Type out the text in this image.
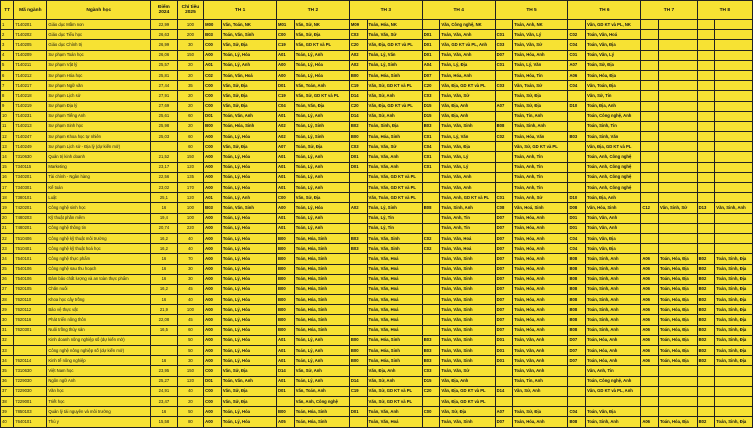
TT	Mã ngành	Ngành học	Điểm 2024	Chỉ tiêu 2025	TH 1		TH 2		TH 3		TH 4		TH 5		TH 6		TH 7		TH 8	
1	7140201	Giáo dục Mầm non	22,99	100	M00	Văn, Toán, NK	M01	Văn, Sử, NK	M09	Toán, Hóa, NK		Văn, Công nghệ, NK		Toán, Anh, NK		Văn, GD KT và PL, NK				
2	7140202	Giáo dục Tiểu học	26,63	200	B03	Toán, Văn, Sinh	C00	Văn, Sử, Địa	C03	Toán, Văn, Sử	D01	Toán, Văn, Anh	C01	Toán, Văn, Lý	C02	Toán, Văn, Hoá				
3	7140205	Giáo dục Chính trị	26,99	30	C00	Văn, Sử, Địa	C19	Văn, GD KT và PL	C20	Văn, Địa, GD KT và PL	D01	Văn, GD KT và PL, Anh	C03	Toán, Văn, Sử	C04	Toán, Văn, Địa				
4	7140209	Sư phạm Toán học	26,06	150	A00	Toán, Lý, Hóa	A01	Toán, Lý, Anh	A02	Toán, Lý, Văn	D01	Toán, Văn, Anh	D07	Toán, Hóa, Anh	C01	Toán, Văn, Lý				
5	7140211	Sư phạm Vật lý	25,57	20	A01	Toán, Lý, Anh	A00	Toán, Lý, Hóa	A02	Toán, Lý, Sinh	A04	Toán, Lý, Địa	C01	Toán, Lý, Văn	A07	Toán, Sử, Địa				
6	7140212	Sư phạm Hóa học	25,81	20	C02	Toán, Văn, Hoá	A00	Toán, Lý, Hóa	B00	Toán, Hóa, Sinh	D07	Toán, Hóa, Anh		Toán, Hóa, Tin	A06	Toán, Hóa, Địa				
7	7140217	Sư phạm Ngữ văn	27,44	35	C00	Văn, Sử, Địa	D01	Văn, Toán, Anh	C19	Văn, Sử, GD KT và PL	C20	Văn, Địa, GD KT và PL	C03	Văn, Toán, Sử	C04	Văn, Toán, Địa				
8	7140218	Sư phạm Lịch sử	27,91	20	C00	Văn, Sử, Địa	C19	Văn, Sử, GD KT và PL	D14	Văn, Sử, Anh	C03	Toán, Văn, Sử		Toán, Sử, Địa		Văn, Sử, Tin				
9	7140219	Sư phạm Địa lý	27,69	20	C00	Văn, Sử, Địa	C04	Toán, Văn, Địa	C20	Văn, Địa, GD KT và PL	D15	Văn, Địa, Anh	A07	Toán, Sử, Địa	D10	Toán, Địa, Anh				
10	7140231	Sư phạm Tiếng Anh	25,61	60	D01	Toán, Văn, Anh	A01	Toán, Lý, Anh	D14	Văn, Sử, Anh	D15	Văn, Địa, Anh		Toán, Tin, Anh		Toán, Công nghệ, Anh				
11	7140213	Sư phạm Sinh học	25,98	20	B00	Toán, Hóa, Sinh	A02	Toán, Lý, Sinh	B02	Toán, Sinh, Địa	B03	Toán, Văn, Sinh	B08	Toán, Sinh, Anh		Toán, Sinh, Tin				
12	7140247	Sư phạm Khoa học tự nhiên	25,03	60	A00	Toán, Lý, Hóa	A02	Toán, Lý, Sinh	B00	Toán, Hóa, Sinh	C01	Toán, Lý, Văn	C02	Toán, Hóa, Văn	B03	Toán, Sinh, Văn				
13	7140249	Sư phạm Lịch sử - Địa lý (dự kiến mở)		60	C00	Văn, Sử, Địa	A07	Toán, Sử, Địa	C03	Toán, Văn, Sử	C04	Toán, Văn, Địa		Văn, Sử, GD KT và PL		Văn, Địa, GD KT và PL				
14	7310630	Quản trị kinh doanh	21,52	150	A00	Toán, Lý, Hóa	A01	Toán, Lý, Anh	D01	Toán, Văn, Anh	C01	Toán, Văn, Lý		Toán, Anh, Tin		Toán, Anh, Công nghệ				
15	7340115	Marketing	23,17	120	A00	Toán, Lý, Hóa	A01	Toán, Lý, Anh	D01	Toán, Văn, Anh	C01	Toán, Văn, Lý		Toán, Anh, Tin		Toán, Anh, Công nghệ				
16	7340201	Tài chính - Ngân hàng	22,56	135	A00	Toán, Lý, Hóa	A01	Toán, Lý, Anh		Toán, Văn, GD KT và PL		Toán, Văn, Anh		Toán, Anh, Tin		Toán, Anh, Công nghệ				
17	7340301	Kế toán	23,02	170	A00	Toán, Lý, Hóa	A01	Toán, Lý, Anh		Toán, Văn, GD KT và PL		Toán, Văn, Anh		Toán, Anh, Tin		Toán, Anh, Công nghệ				
18	7380101	Luật	25,1	120	A01	Toán, Lý, Anh	C00	Văn, Sử, Địa		Văn, Toán, GD KT và PL		Toán, Anh, GD KT và PL	C01	Toán, Anh, Sử	D10	Toán, Địa, Anh				
19	7420201	Công nghệ sinh học	16	100	B03	Toán, Văn, Sinh	A00	Toán, Lý, Hóa	A02	Toán, Lý, Sinh	B08	Toán, Sinh, Anh	C08	Văn, Hoá, Sinh	D08	Văn, Hóa, Sinh	C12	Văn, Sinh, Sử	D13	Văn, Sinh, Anh
20	7480203	Kỹ thuật phần mềm	19,4	100	A00	Toán, Lý, Hóa	A01	Toán, Lý, Anh		Toán, Lý, Tin		Toán, Anh, Tin	D07	Toán, Hóa, Anh	D01	Toán, Văn, Anh				
21	7480201	Công nghệ thông tin	20,74	220	A00	Toán, Lý, Hóa	A01	Toán, Lý, Anh		Toán, Lý, Tin		Toán, Anh, Tin	D07	Toán, Hóa, Anh	D01	Toán, Văn, Anh				
22	7510406	Công nghệ kỹ thuật môi trường	16,2	40	A00	Toán, Lý, Hóa	B00	Toán, Hóa, Sinh	B03	Toán, Văn, Sinh	C02	Toán, Văn, Hoá	D07	Toán, Hóa, Anh	C04	Toán, Văn, Địa				
23	7510401	Công nghệ kỹ thuật hoá học	16,2	40	A00	Toán, Lý, Hóa	B00	Toán, Hóa, Sinh	B03	Toán, Văn, Sinh	C02	Toán, Văn, Hoá	D07	Toán, Hóa, Anh	C04	Toán, Văn, Địa				
24	7540101	Công nghệ thực phẩm	16	70	A00	Toán, Lý, Hóa	B00	Toán, Hóa, Sinh		Toán, Văn, Hoá		Toán, Văn, Sinh	D07	Toán, Hóa, Anh	B08	Toán, Sinh, Anh	A06	Toán, Hóa, Địa	B02	Toán, Sinh, Địa
25	7540106	Công nghệ sau thu hoạch	16	30	A00	Toán, Lý, Hóa	B00	Toán, Hóa, Sinh		Toán, Văn, Hoá		Toán, Văn, Sinh	D07	Toán, Hóa, Anh	B08	Toán, Sinh, Anh	A06	Toán, Hóa, Địa	B02	Toán, Sinh, Địa
26	7540106	Đảm bảo chất lượng và an toàn thực phẩm	16	30	A00	Toán, Lý, Hóa	B00	Toán, Hóa, Sinh		Toán, Văn, Hoá		Toán, Văn, Sinh	D07	Toán, Hóa, Anh	B08	Toán, Sinh, Anh	A06	Toán, Hóa, Địa	B02	Toán, Sinh, Địa
27	7620105	Chăn nuôi	16,2	45	A00	Toán, Lý, Hóa	B00	Toán, Hóa, Sinh		Toán, Văn, Hoá		Toán, Văn, Sinh	D07	Toán, Hóa, Anh	B08	Toán, Sinh, Anh	A06	Toán, Hóa, Địa	B02	Toán, Sinh, Địa
28	7620110	Khoa học cây trồng	16	40	A00	Toán, Lý, Hóa	B00	Toán, Hóa, Sinh		Toán, Văn, Hoá		Toán, Văn, Sinh	D07	Toán, Hóa, Anh	B08	Toán, Sinh, Anh	A06	Toán, Hóa, Địa	B02	Toán, Sinh, Địa
29	7620112	Bảo vệ thực vật	21,9	100	A00	Toán, Lý, Hóa	B00	Toán, Hóa, Sinh		Toán, Văn, Hoá		Toán, Văn, Sinh	D07	Toán, Hóa, Anh	B08	Toán, Sinh, Anh	A06	Toán, Hóa, Địa	B02	Toán, Sinh, Địa
30	7620116	Phát triển nông thôn	22,08	45	A00	Toán, Lý, Hóa	B00	Toán, Hóa, Sinh		Toán, Văn, Hoá		Toán, Văn, Sinh	D07	Toán, Hóa, Anh	B08	Toán, Sinh, Anh	A06	Toán, Hóa, Địa	B02	Toán, Sinh, Địa
31	7620301	Nuôi trồng thủy sản	16,5	60	A00	Toán, Lý, Hóa	B00	Toán, Hóa, Sinh		Toán, Văn, Hoá		Toán, Văn, Sinh	D07	Toán, Hóa, Anh	B08	Toán, Sinh, Anh	A06	Toán, Hóa, Địa	B02	Toán, Sinh, Địa
32		Kinh doanh nông nghiệp số (dự kiến mở)		50	A00	Toán, Lý, Hóa	A01	Toán, Lý, Anh	B00	Toán, Hóa, Sinh	B03	Toán, Văn, Sinh	D01	Toán, Văn, Anh	D07	Toán, Hóa, Anh	A06	Toán, Hóa, Địa	B02	Toán, Sinh, Địa
33		Công nghệ nông nghiệp số (dự kiến mở)		50	A00	Toán, Lý, Hóa	A01	Toán, Lý, Anh	B00	Toán, Hóa, Sinh	B03	Toán, Văn, Sinh	D01	Toán, Văn, Anh	D07	Toán, Hóa, Anh	A06	Toán, Hóa, Địa	B02	Toán, Sinh, Địa
34	7620114	Kinh tế nông nghiệp	16	30	A00	Toán, Lý, Hóa	A01	Toán, Lý, Anh	B00	Toán, Hóa, Sinh	B03	Toán, Văn, Sinh	D01	Toán, Văn, Anh	D07	Toán, Hóa, Anh	A06	Toán, Hóa, Địa	B02	Toán, Sinh, Địa
35	7310630	Việt Nam học	23,95	150	C00	Văn, Sử, Địa	D14	Văn, Sử, Anh		Văn, Địa, Anh	C03	Toán, Văn, Sử		Toán, Văn, Anh		Văn, Anh, Tin				
36	7229030	Ngôn ngữ Anh	25,27	120	D01	Toán, Văn, Anh	A01	Toán, Lý, Anh	D14	Văn, Sử, Anh	D15	Văn, Địa, Anh		Toán, Tin, Anh		Toán, Công nghệ, Anh				
37	7229030	Văn học	24,91	40	C00	Văn, Sử, Địa	D01	Văn, Toán, Anh	C19	Văn, Sử, GD KT và PL	C20	Văn, Địa, GD KT và PL	D14	Văn, Sử, Anh		Văn, GD KT và PL, Anh				
38	7229001	Triết học	23,47	20	C00	Văn, Sử, Địa		Văn, Anh, Công nghệ		Văn, Sử, GD KT và PL		Văn, Địa, GD KT và PL								
39	7850103	Quản lý tài nguyên và môi trường	16	50	A00	Toán, Lý, Hóa	B00	Toán, Hóa, Sinh	D01	Toán, Văn, Anh	C00	Văn, Sử, Địa	A07	Toán, Sử, Địa	C04	Toán, Văn, Địa				
40	7640101	Thú y	15,58	80	A00	Toán, Lý, Hóa	A05	Toán, Hóa, Sinh		Toán, Văn, Hoá		Toán, Văn, Sinh	D07	Toán, Hóa, Anh	B08	Toán, Sinh, Anh	A06	Toán, Hóa, Địa	B02	Toán, Sinh, Địa
